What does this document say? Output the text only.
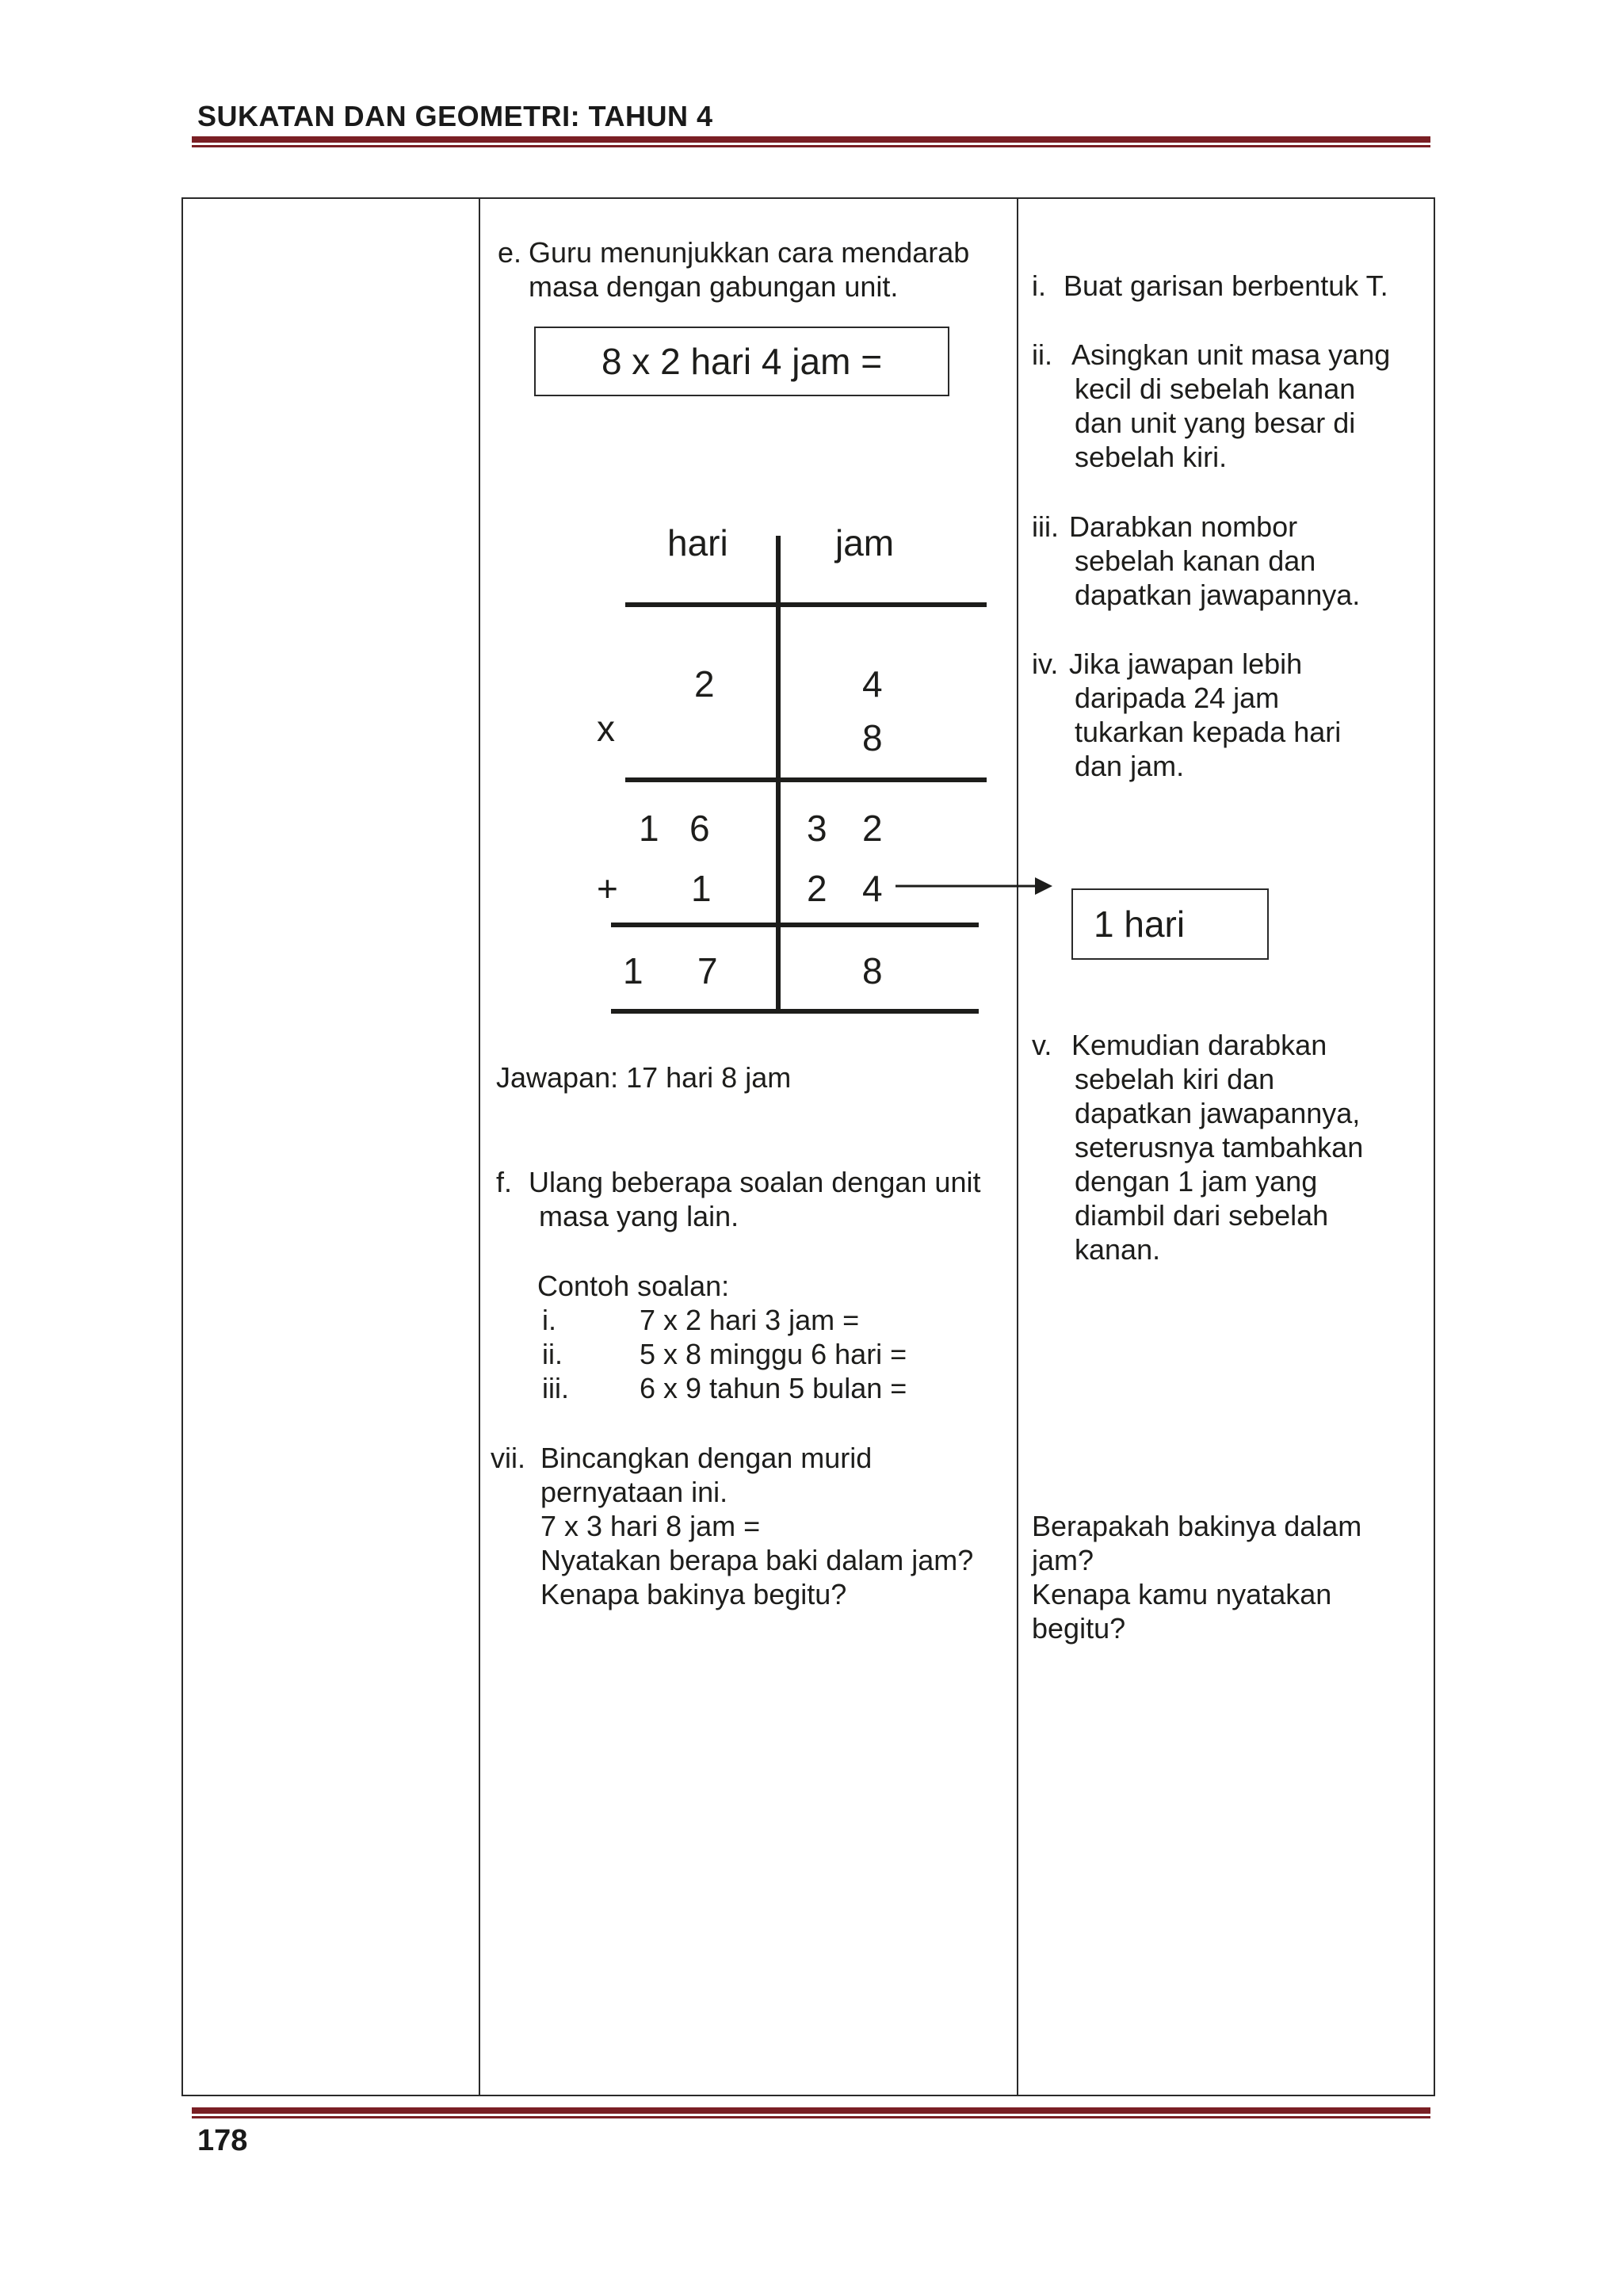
SUKATAN DAN GEOMETRI: TAHUN 4
e. Guru menunjukkan cara mendarab
masa dengan gabungan unit.
8 x 2 hari 4 jam =
hari	jam
2	4
x	8
1 6	3 2
+ 1	2 4
1 7	8
Jawapan: 17 hari 8 jam
f. Ulang beberapa soalan dengan unit
masa yang lain.
Contoh soalan:
i.	7 x 2 hari 3 jam =
ii.	5 x 8 minggu 6 hari =
iii. 6 x 9 tahun 5 bulan =
vii. Bincangkan dengan murid
pernyataan ini.
7 x 3 hari 8 jam =
Nyatakan berapa baki dalam jam?
Kenapa bakinya begitu?
i. Buat garisan berbentuk T.
ii. Asingkan unit masa yang
kecil di sebelah kanan
dan unit yang besar di
sebelah kiri.
iii. Darabkan nombor
sebelah kanan dan
dapatkan jawapannya.
iv. Jika jawapan lebih
daripada 24 jam
tukarkan kepada hari
dan jam.
1 hari
v. Kemudian darabkan
sebelah kiri dan
dapatkan jawapannya,
seterusnya tambahkan
dengan 1 jam yang
diambil dari sebelah
kanan.
Berapakah bakinya dalam
jam?
Kenapa kamu nyatakan
begitu?
178
